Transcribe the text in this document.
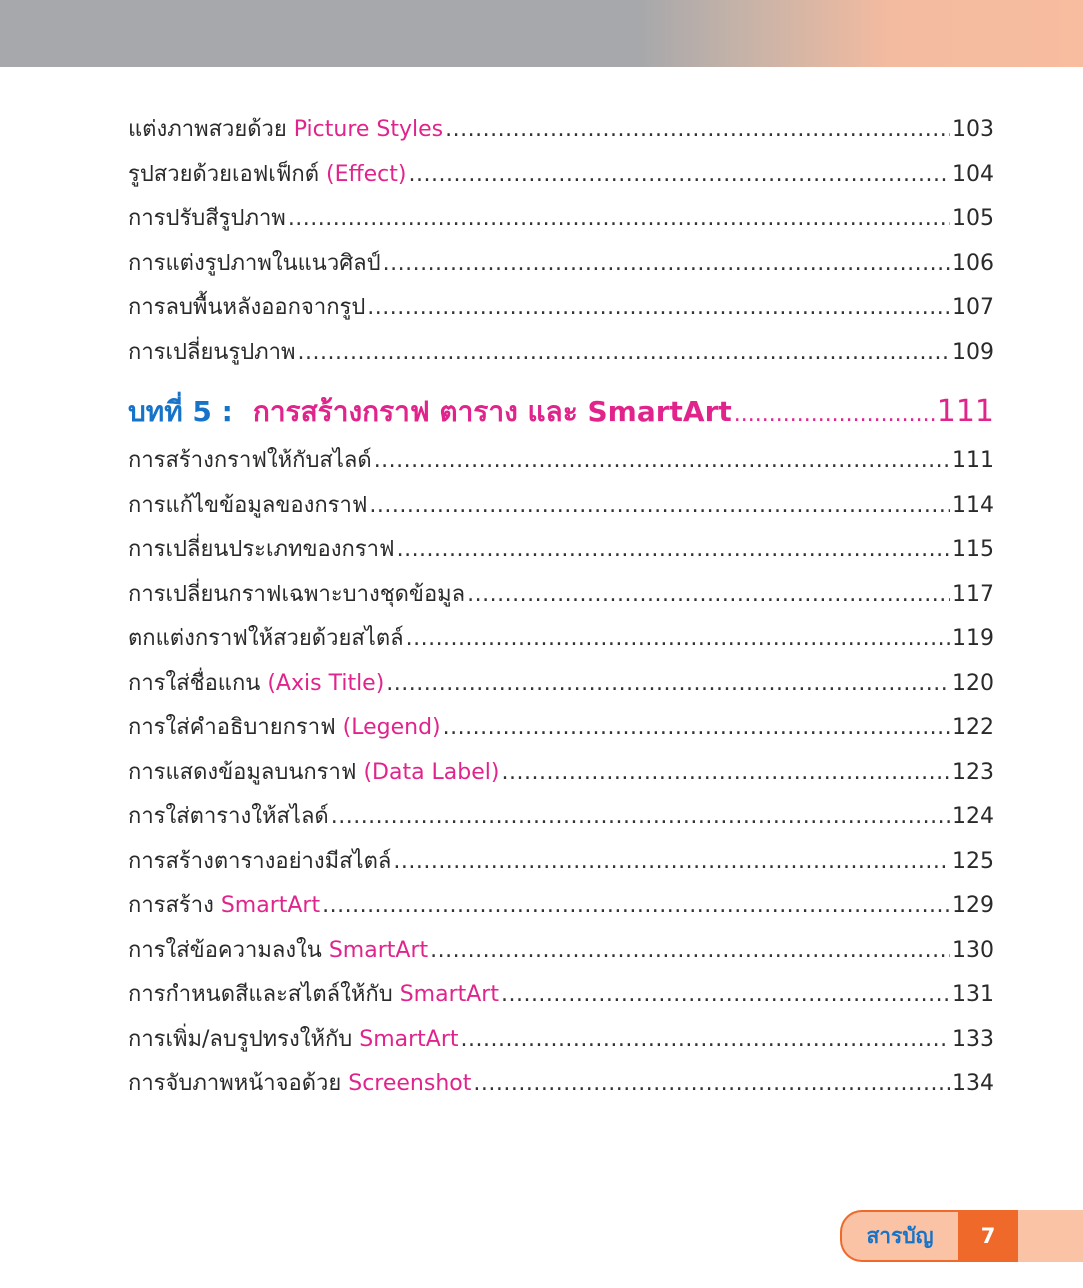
แต่งภาพสวยด้วย Picture Styles .....	103
รูปสวยด้วยเอฟเฟ็กต์ (Effect) .....	104
การปรับสีรูปภาพ .....	105
การแต่งรูปภาพในแนวศิลป์ .....	106
การลบพื้นหลังออกจากรูป .....	107
การเปลี่ยนรูปภาพ .....	109
บทที่ 5 : การสร้างกราฟ ตาราง และ SmartArt .....	111
การสร้างกราฟให้กับสไลด์ .....	111
การแก้ไขข้อมูลของกราฟ .....	114
การเปลี่ยนประเภทของกราฟ .....	115
การเปลี่ยนกราฟเฉพาะบางชุดข้อมูล .....	117
ตกแต่งกราฟให้สวยด้วยสไตล์ .....	119
การใส่ชื่อแกน (Axis Title) .....	120
การใส่คำอธิบายกราฟ (Legend) .....	122
การแสดงข้อมูลบนกราฟ (Data Label) .....	123
การใส่ตารางให้สไลด์ .....	124
การสร้างตารางอย่างมีสไตล์ .....	125
การสร้าง SmartArt .....	129
การใส่ข้อความลงใน SmartArt .....	130
การกำหนดสีและสไตล์ให้กับ SmartArt .....	131
การเพิ่ม/ลบรูปทรงให้กับ SmartArt .....	133
การจับภาพหน้าจอด้วย Screenshot .....	134
สารบัญ	7
